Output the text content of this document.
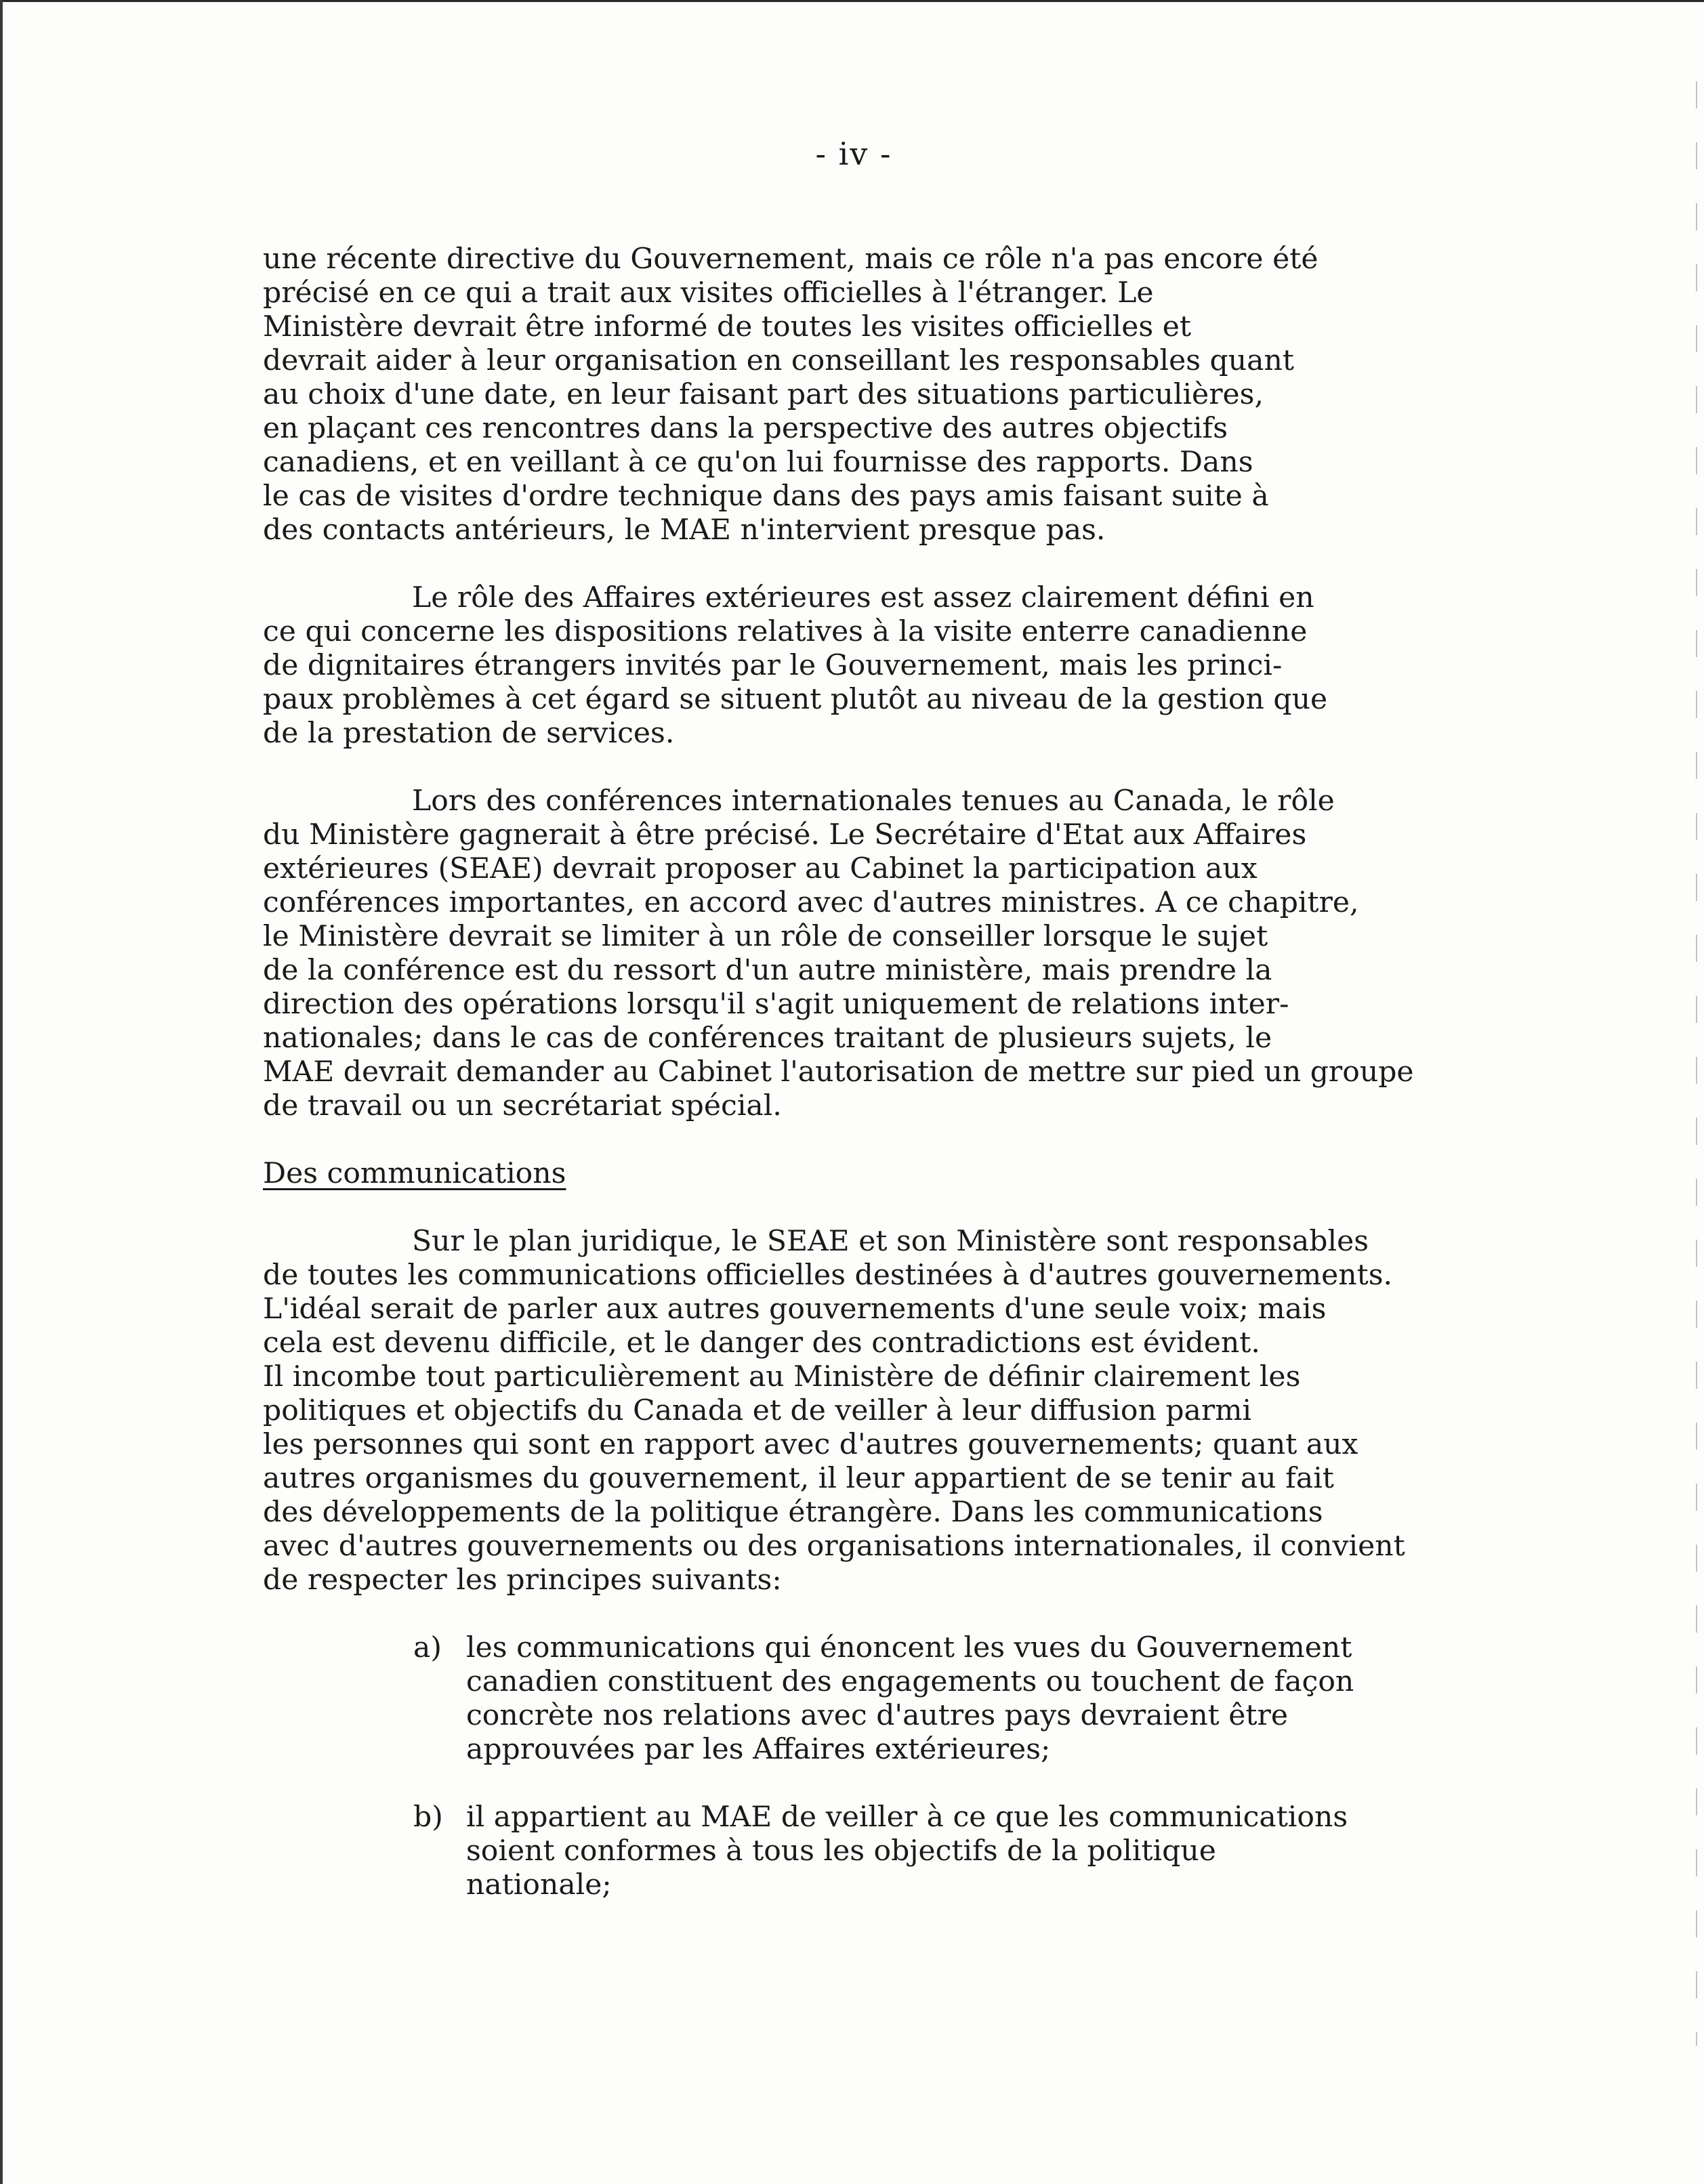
- iv -

une récente directive du Gouvernement, mais ce rôle n'a pas encore été
précisé en ce qui a trait aux visites officielles à l'étranger. Le
Ministère devrait être informé de toutes les visites officielles et
devrait aider à leur organisation en conseillant les responsables quant
au choix d'une date, en leur faisant part des situations particulières,
en plaçant ces rencontres dans la perspective des autres objectifs
canadiens, et en veillant à ce qu'on lui fournisse des rapports. Dans
le cas de visites d'ordre technique dans des pays amis faisant suite à
des contacts antérieurs, le MAE n'intervient presque pas.

Le rôle des Affaires extérieures est assez clairement défini en
ce qui concerne les dispositions relatives à la visite enterre canadienne
de dignitaires étrangers invités par le Gouvernement, mais les princi-
paux problèmes à cet égard se situent plutôt au niveau de la gestion que
de la prestation de services.

Lors des conférences internationales tenues au Canada, le rôle
du Ministère gagnerait à être précisé. Le Secrétaire d'Etat aux Affaires
extérieures (SEAE) devrait proposer au Cabinet la participation aux
conférences importantes, en accord avec d'autres ministres. A ce chapitre,
le Ministère devrait se limiter à un rôle de conseiller lorsque le sujet
de la conférence est du ressort d'un autre ministère, mais prendre la
direction des opérations lorsqu'il s'agit uniquement de relations inter-
nationales; dans le cas de conférences traitant de plusieurs sujets, le
MAE devrait demander au Cabinet l'autorisation de mettre sur pied un groupe
de travail ou un secrétariat spécial.

Des communications

Sur le plan juridique, le SEAE et son Ministère sont responsables
de toutes les communications officielles destinées à d'autres gouvernements.
L'idéal serait de parler aux autres gouvernements d'une seule voix; mais
cela est devenu difficile, et le danger des contradictions est évident.
Il incombe tout particulièrement au Ministère de définir clairement les
politiques et objectifs du Canada et de veiller à leur diffusion parmi
les personnes qui sont en rapport avec d'autres gouvernements; quant aux
autres organismes du gouvernement, il leur appartient de se tenir au fait
des développements de la politique étrangère. Dans les communications
avec d'autres gouvernements ou des organisations internationales, il convient
de respecter les principes suivants:

a) les communications qui énoncent les vues du Gouvernement
canadien constituent des engagements ou touchent de façon
concrète nos relations avec d'autres pays devraient être
approuvées par les Affaires extérieures;
b) il appartient au MAE de veiller à ce que les communications
soient conformes à tous les objectifs de la politique
nationale;
